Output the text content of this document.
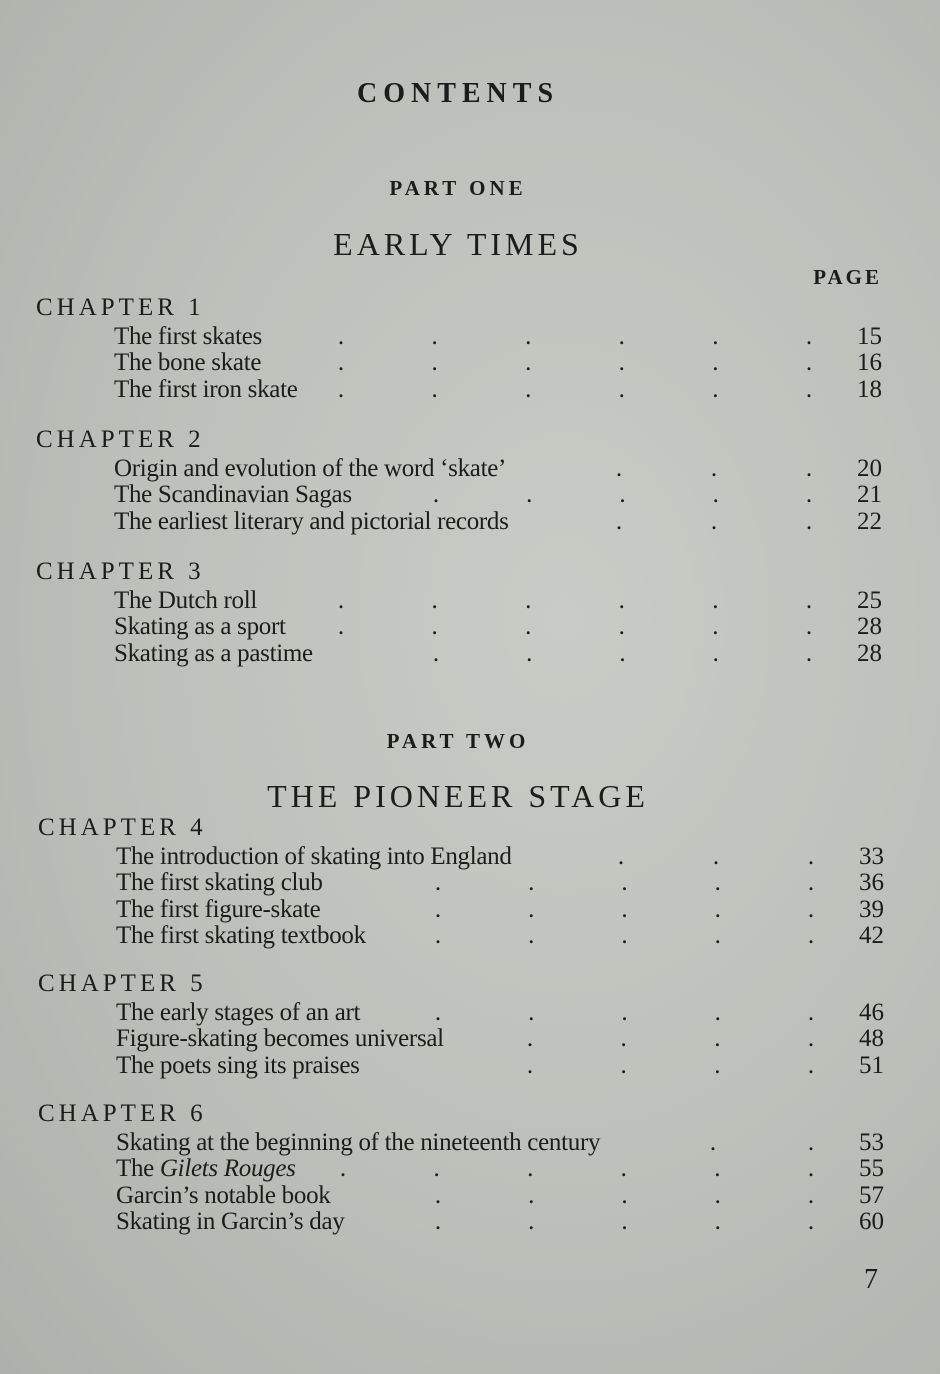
CONTENTS
PART ONE
EARLY TIMES
PAGE
CHAPTER 1
The first skates	.	.	.	.	.	. 15
The bone skate	.	.	.	.	.	. 16
The first iron skate .	.	.	.	.	. 18
CHAPTER 2
Origin and evolution of the word ‘skate’	.	.	. 20
The Scandinavian Sagas	.	.	.	.	. 21
The earliest literary and pictorial records	.	.	. 22
CHAPTER 3
The Dutch roll	.	.	.	.	.	. 25
Skating as a sport .	.	.	.	.	. 28
Skating as a pastime	.	.	.	.	. 28
PART TWO
THE PIONEER STAGE
CHAPTER 4
The introduction of skating into England	.	.	. 33
The first skating club	.	.	.	.	. 36
The first figure-skate	.	.	.	.	. 39
The first skating textbook	.	.	.	.	. 42
CHAPTER 5
The early stages of an art	.	.	.	.	. 46
Figure-skating becomes universal	.	.	.	. 48
The poets sing its praises	.	.	.	. 51
CHAPTER 6
Skating at the beginning of the nineteenth century	.	. 53
The Gilets Rouges .	.	.	.	.	. 55
Garcin’s notable book	.	.	.	.	. 57
Skating in Garcin’s day	.	.	.	.	. 60
7
